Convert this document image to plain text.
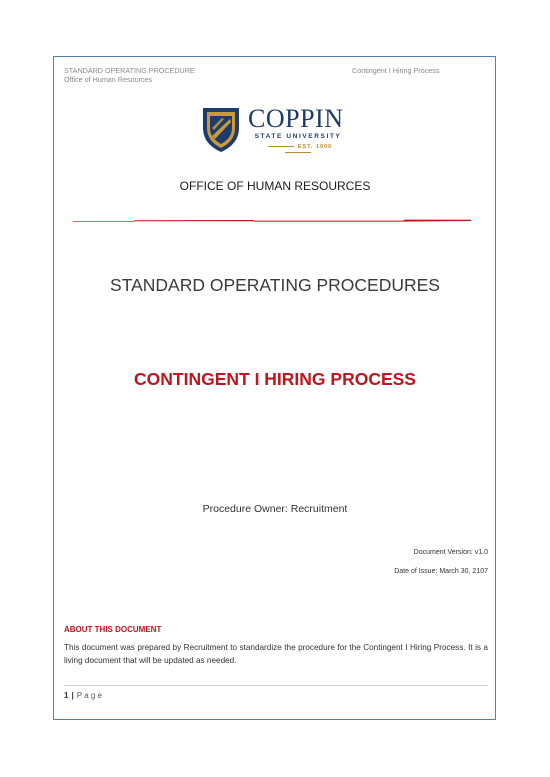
STANDARD OPERATING PROCEDURE
Office of Human Resources
Contingent I Hiring Process
COPPIN
STATE UNIVERSITY
EST. 1900
OFFICE OF HUMAN RESOURCES
STANDARD OPERATING PROCEDURES
CONTINGENT I HIRING PROCESS
Procedure Owner: Recruitment
Document Version: v1.0
Date of Issue: March 30, 2107
ABOUT THIS DOCUMENT
This document was prepared by Recruitment to standardize the procedure for the Contingent I Hiring Process. It is a living document that will be updated as needed.
1 | Page
